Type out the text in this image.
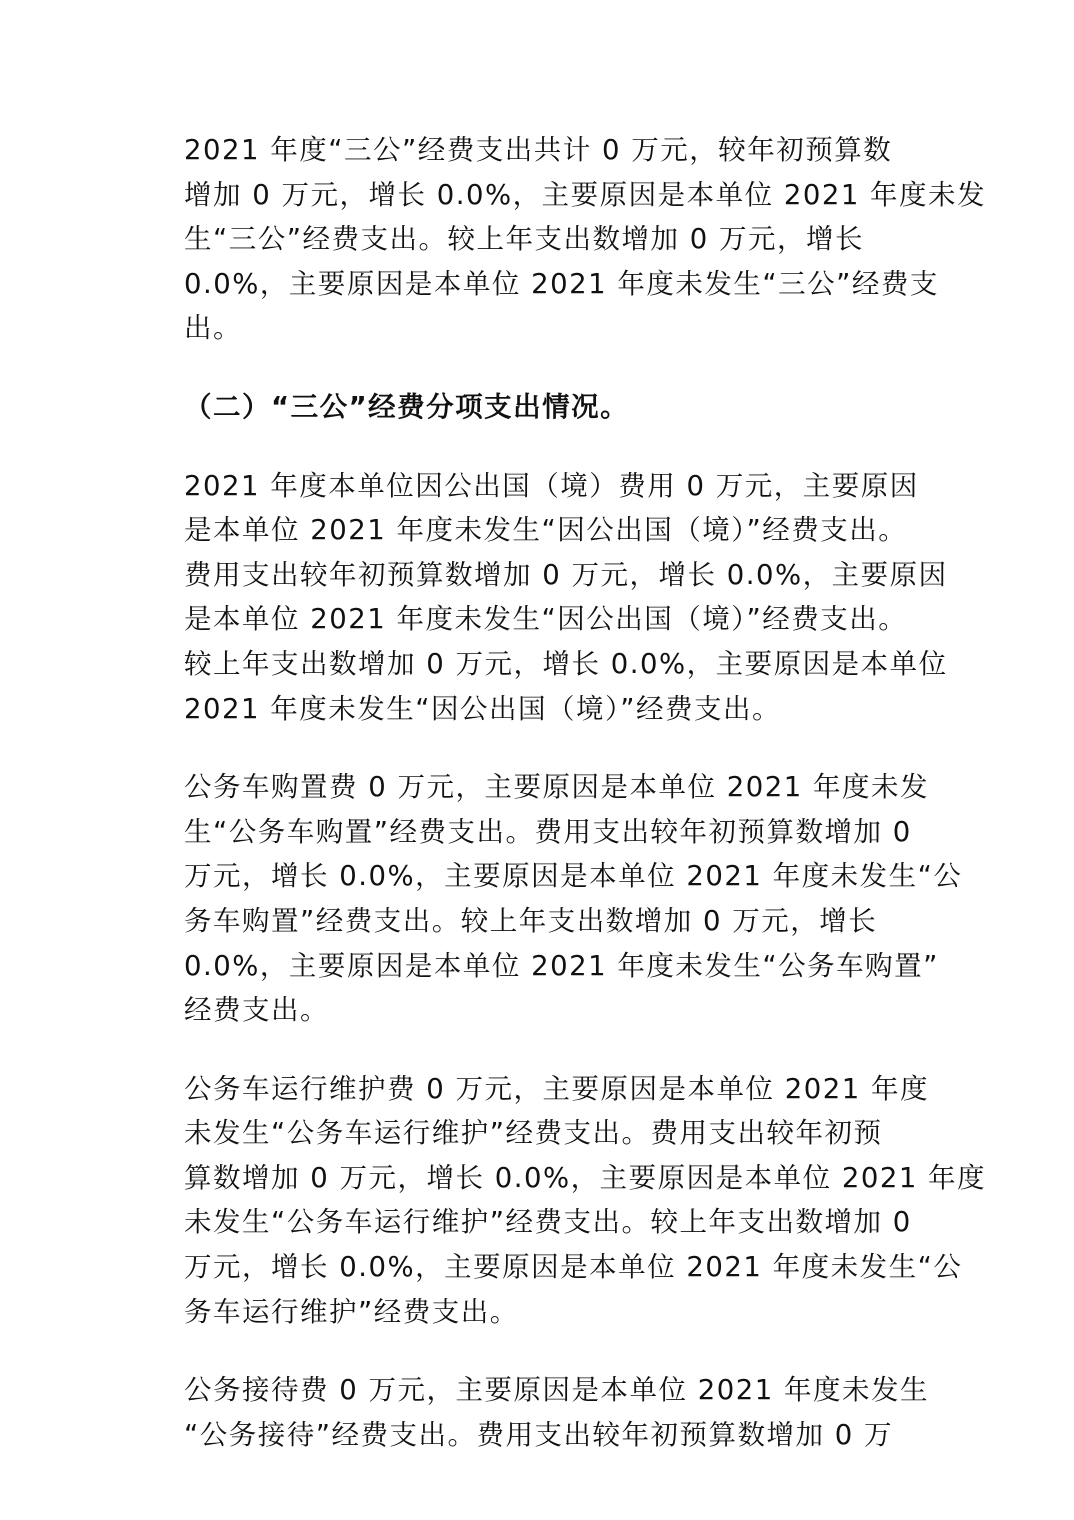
2021 年度“三公”经费支出共计 0 万元，较年初预算数
增加 0 万元，增长 0.0%，主要原因是本单位 2021 年度未发
生“三公”经费支出。较上年支出数增加 0 万元，增长
0.0%，主要原因是本单位 2021 年度未发生“三公”经费支
出。
（二）“三公”经费分项支出情况。
2021 年度本单位因公出国（境）费用 0 万元，主要原因
是本单位 2021 年度未发生“因公出国（境）”经费支出。
费用支出较年初预算数增加 0 万元，增长 0.0%，主要原因
是本单位 2021 年度未发生“因公出国（境）”经费支出。
较上年支出数增加 0 万元，增长 0.0%，主要原因是本单位
2021 年度未发生“因公出国（境）”经费支出。
公务车购置费 0 万元，主要原因是本单位 2021 年度未发
生“公务车购置”经费支出。费用支出较年初预算数增加 0
万元，增长 0.0%，主要原因是本单位 2021 年度未发生“公
务车购置”经费支出。较上年支出数增加 0 万元，增长
0.0%，主要原因是本单位 2021 年度未发生“公务车购置”
经费支出。
公务车运行维护费 0 万元，主要原因是本单位 2021 年度
未发生“公务车运行维护”经费支出。费用支出较年初预
算数增加 0 万元，增长 0.0%，主要原因是本单位 2021 年度
未发生“公务车运行维护”经费支出。较上年支出数增加 0
万元，增长 0.0%，主要原因是本单位 2021 年度未发生“公
务车运行维护”经费支出。
公务接待费 0 万元，主要原因是本单位 2021 年度未发生
“公务接待”经费支出。费用支出较年初预算数增加 0 万
